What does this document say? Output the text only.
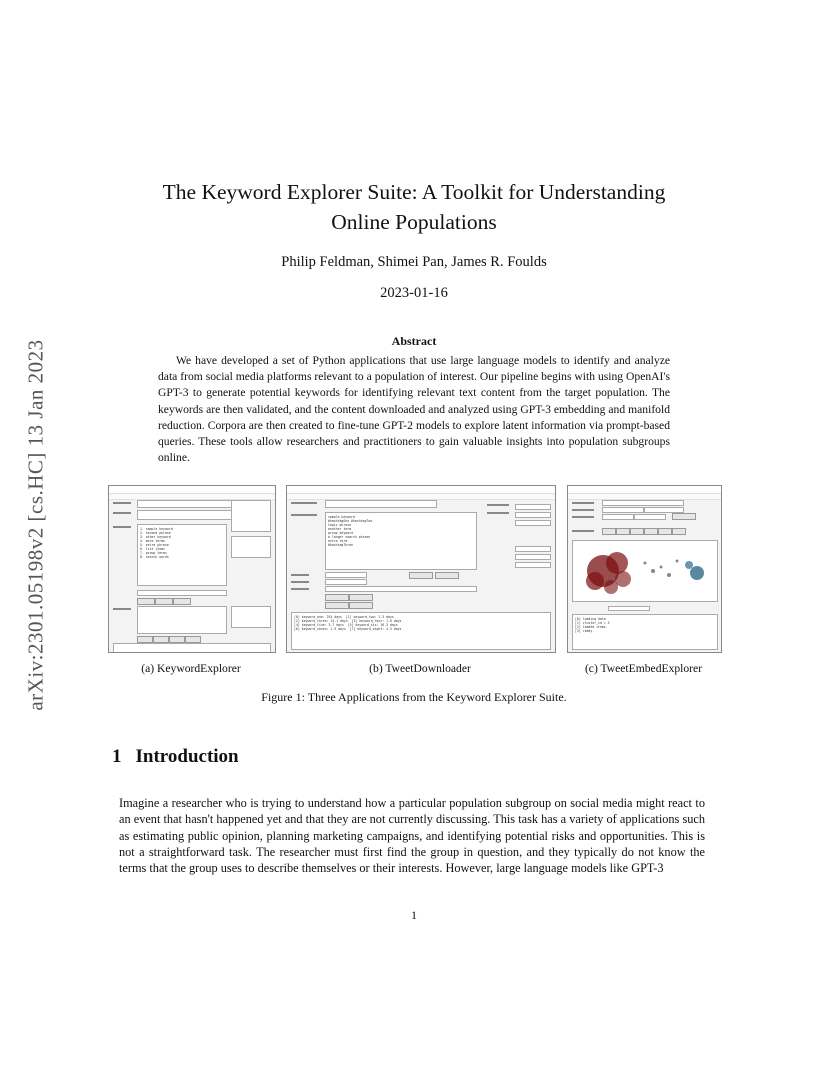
arXiv:2301.05198v2 [cs.HC] 13 Jan 2023
The Keyword Explorer Suite: A Toolkit for Understanding
Online Populations
Philip Feldman, Shimei Pan, James R. Foulds
2023-01-16
Abstract

We have developed a set of Python applications that use large language models to identify and analyze data from social media platforms relevant to a population of interest. Our pipeline begins with using OpenAI's GPT-3 to generate potential keywords for identifying relevant text content from the target population. The keywords are then validated, and the content downloaded and analyzed using GPT-3 embedding and manifold reduction. Corpora are then created to fine-tune GPT-2 models to explore latent information via prompt-based queries. These tools allow researchers and practitioners to gain valuable insights into population subgroups online.

1. sample keyword
2. second phrase
3. other keyword
4. more terms
5. extra phrase
6. list items
7. group terms
8. search words
sample_keyword
#hashtagOne #hashtagTwo
topic phrase
another term
group keyword
a longer search phrase
extra term
#hashtagThree
[0] keyword_one: 254 days  [1] keyword_two: 2.3 days
[2] keyword_three: 14.1 days  [3] keyword_four: 1.6 days
[4] keyword_five: 3.7 days  [5] keyword_six: 16.3 days
[6] keyword_seven: 2.9 days  [7] keyword_eight: 4.5 days
[0] loading data
[1] cluster_id = 5
[2] loaded items
[3] ready
(a) KeywordExplorer	(b) TweetDownloader	(c) TweetEmbedExplorer
Figure 1: Three Applications from the Keyword Explorer Suite.
1 Introduction

Imagine a researcher who is trying to understand how a particular population subgroup on social media might react to an event that hasn't happened yet and that they are not currently discussing. This task has a variety of applications such as estimating public opinion, planning marketing campaigns, and identifying potential risks and opportunities. This is not a straightforward task. The researcher must first find the group in question, and they typically do not know the terms that the group uses to describe themselves or their interests. However, large language models like GPT-3

1
